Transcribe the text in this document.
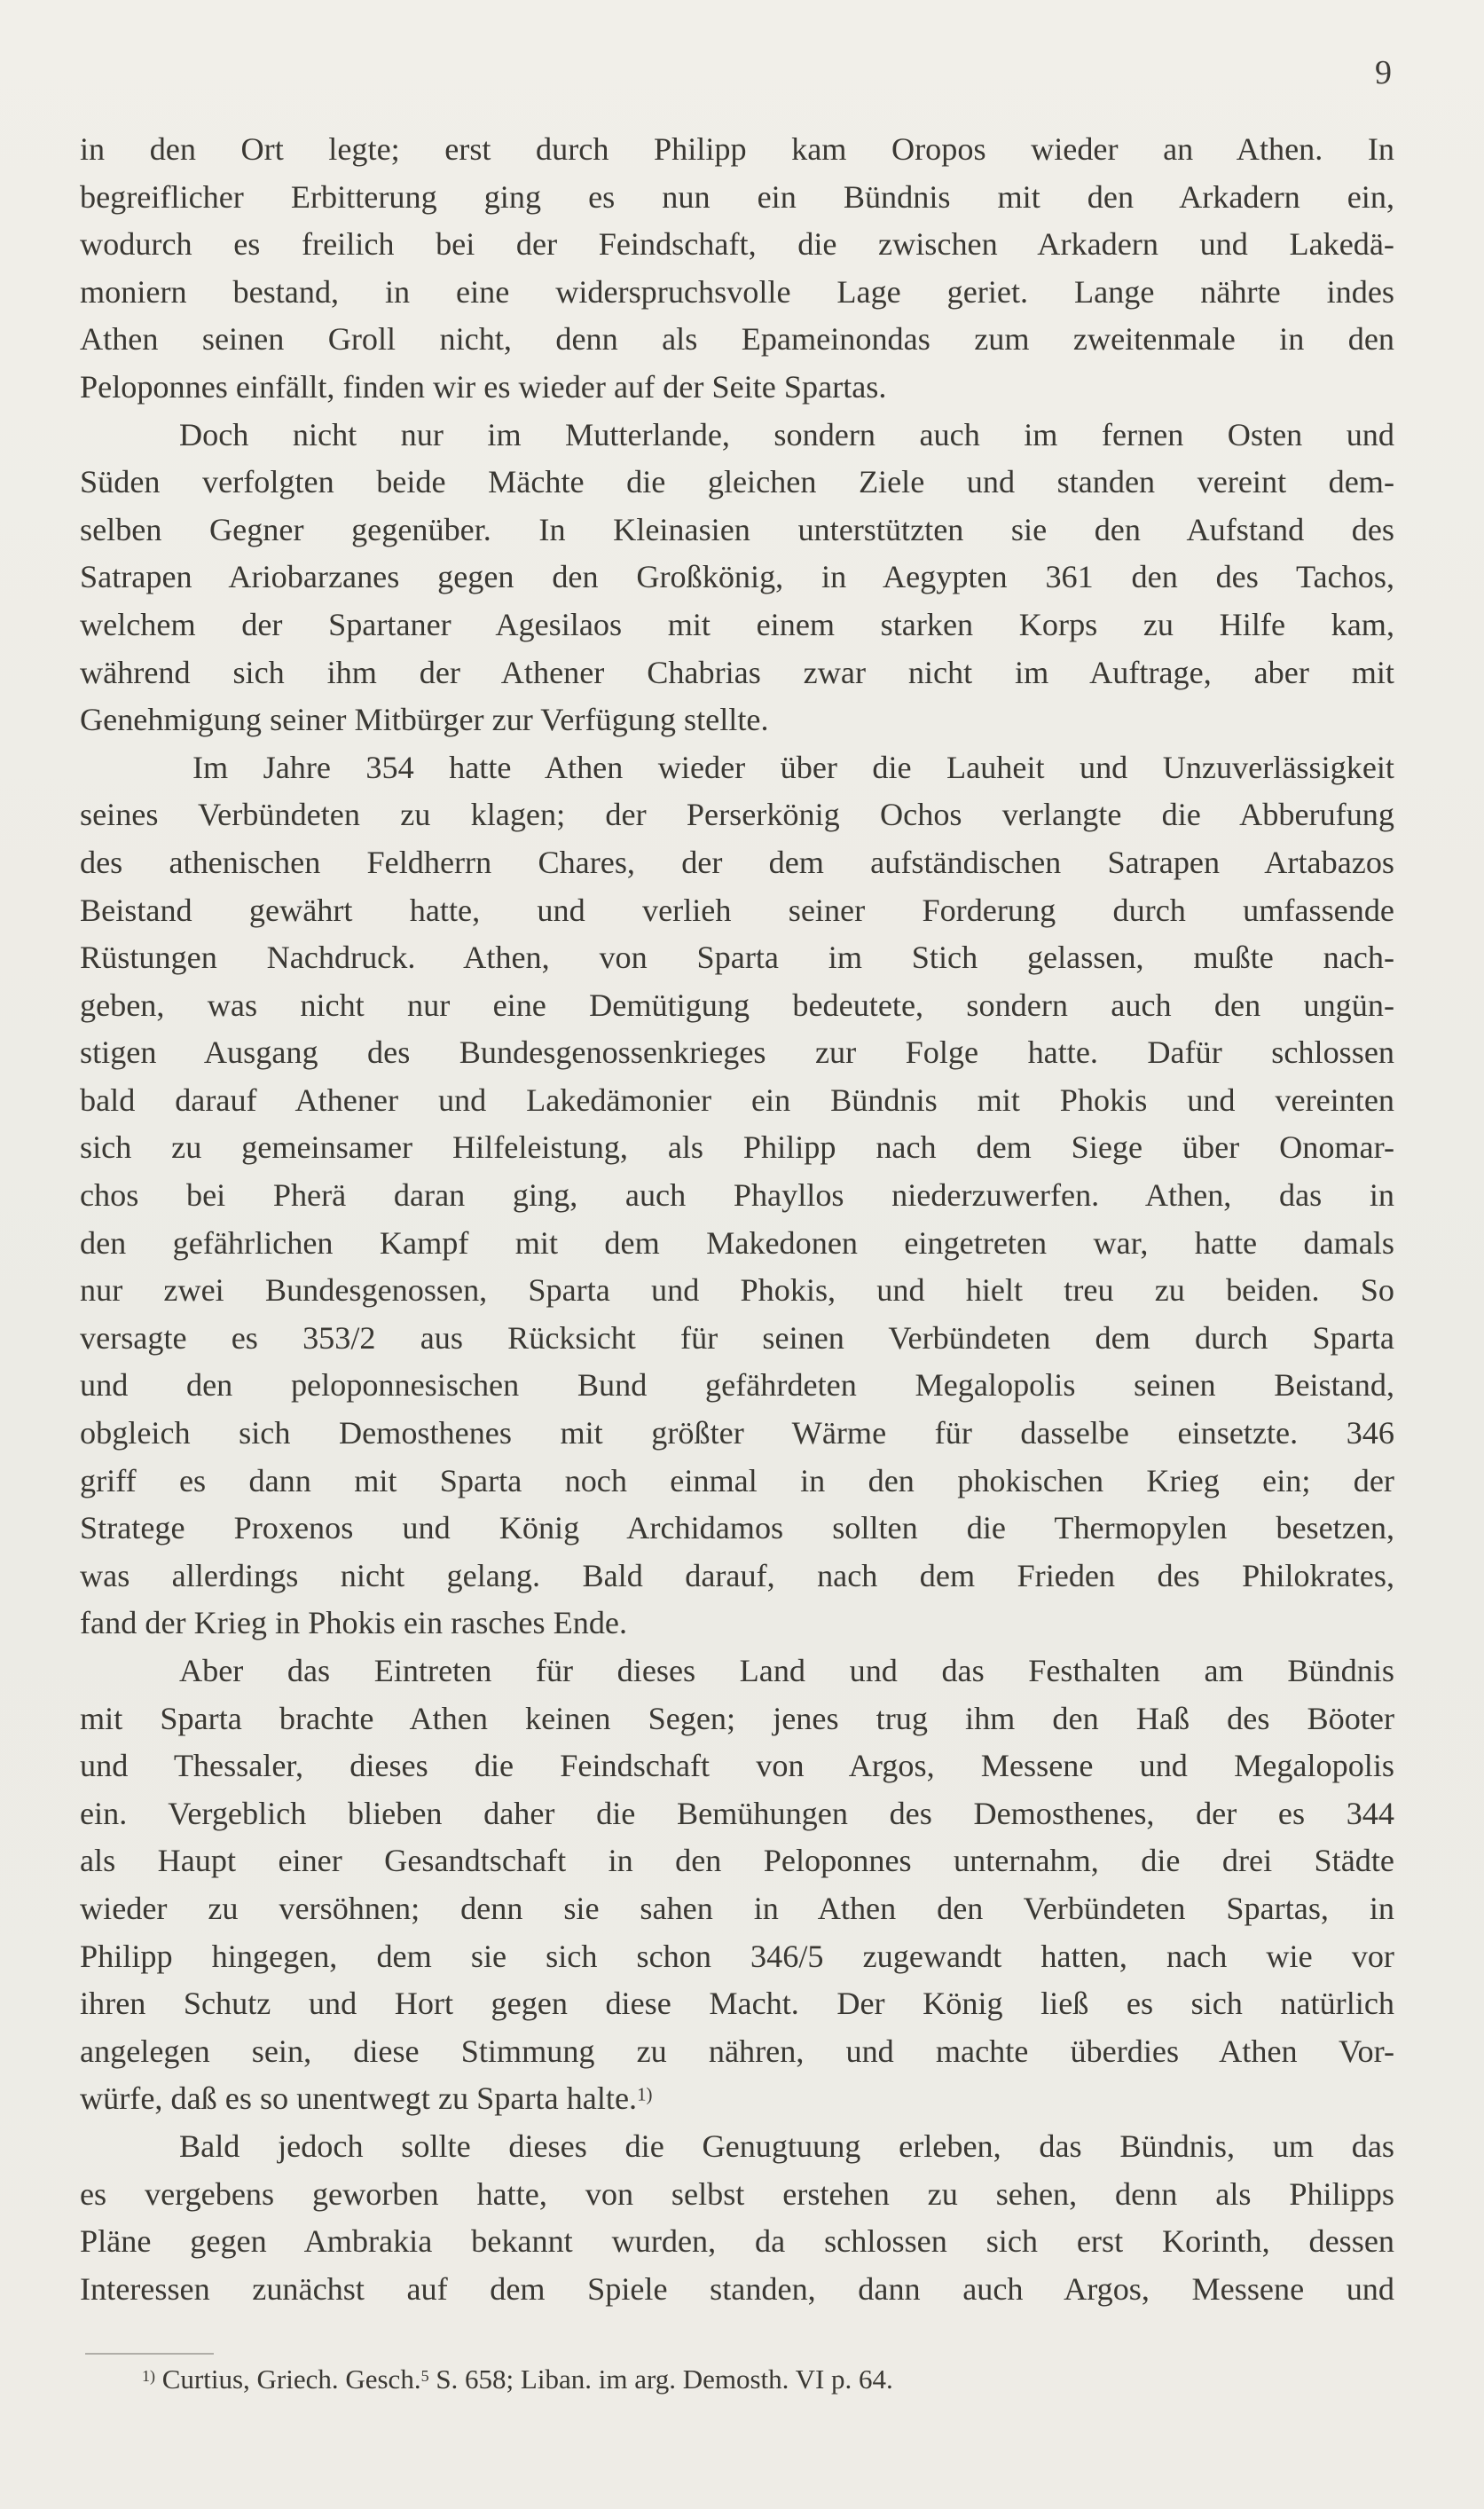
9
in den Ort legte; erst durch Philipp kam Oropos wieder an Athen. In
begreiflicher Erbitterung ging es nun ein Bündnis mit den Arkadern ein,
wodurch es freilich bei der Feindschaft, die zwischen Arkadern und Lakedä-
moniern bestand, in eine widerspruchsvolle Lage geriet. Lange nährte indes
Athen seinen Groll nicht, denn als Epameinondas zum zweitenmale in den
Peloponnes einfällt, finden wir es wieder auf der Seite Spartas.
Doch nicht nur im Mutterlande, sondern auch im fernen Osten und
Süden verfolgten beide Mächte die gleichen Ziele und standen vereint dem-
selben Gegner gegenüber. In Kleinasien unterstützten sie den Aufstand des
Satrapen Ariobarzanes gegen den Großkönig, in Aegypten 361 den des Tachos,
welchem der Spartaner Agesilaos mit einem starken Korps zu Hilfe kam,
während sich ihm der Athener Chabrias zwar nicht im Auftrage, aber mit
Genehmigung seiner Mitbürger zur Verfügung stellte.
Im Jahre 354 hatte Athen wieder über die Lauheit und Unzuverlässigkeit
seines Verbündeten zu klagen; der Perserkönig Ochos verlangte die Abberufung
des athenischen Feldherrn Chares, der dem aufständischen Satrapen Artabazos
Beistand gewährt hatte, und verlieh seiner Forderung durch umfassende
Rüstungen Nachdruck. Athen, von Sparta im Stich gelassen, mußte nach-
geben, was nicht nur eine Demütigung bedeutete, sondern auch den ungün-
stigen Ausgang des Bundesgenossenkrieges zur Folge hatte. Dafür schlossen
bald darauf Athener und Lakedämonier ein Bündnis mit Phokis und vereinten
sich zu gemeinsamer Hilfeleistung, als Philipp nach dem Siege über Onomar-
chos bei Pherä daran ging, auch Phayllos niederzuwerfen. Athen, das in
den gefährlichen Kampf mit dem Makedonen eingetreten war, hatte damals
nur zwei Bundesgenossen, Sparta und Phokis, und hielt treu zu beiden. So
versagte es 353/2 aus Rücksicht für seinen Verbündeten dem durch Sparta
und den peloponnesischen Bund gefährdeten Megalopolis seinen Beistand,
obgleich sich Demosthenes mit größter Wärme für dasselbe einsetzte. 346
griff es dann mit Sparta noch einmal in den phokischen Krieg ein; der
Stratege Proxenos und König Archidamos sollten die Thermopylen besetzen,
was allerdings nicht gelang. Bald darauf, nach dem Frieden des Philokrates,
fand der Krieg in Phokis ein rasches Ende.
Aber das Eintreten für dieses Land und das Festhalten am Bündnis
mit Sparta brachte Athen keinen Segen; jenes trug ihm den Haß des Böoter
und Thessaler, dieses die Feindschaft von Argos, Messene und Megalopolis
ein. Vergeblich blieben daher die Bemühungen des Demosthenes, der es 344
als Haupt einer Gesandtschaft in den Peloponnes unternahm, die drei Städte
wieder zu versöhnen; denn sie sahen in Athen den Verbündeten Spartas, in
Philipp hingegen, dem sie sich schon 346/5 zugewandt hatten, nach wie vor
ihren Schutz und Hort gegen diese Macht. Der König ließ es sich natürlich
angelegen sein, diese Stimmung zu nähren, und machte überdies Athen Vor-
würfe, daß es so unentwegt zu Sparta halte.$^{1)}$
Bald jedoch sollte dieses die Genugtuung erleben, das Bündnis, um das
es vergebens geworben hatte, von selbst erstehen zu sehen, denn als Philipps
Pläne gegen Ambrakia bekannt wurden, da schlossen sich erst Korinth, dessen
Interessen zunächst auf dem Spiele standen, dann auch Argos, Messene und
$^{1)}$ Curtius, Griech. Gesch.$^5$ S. 658; Liban. im arg. Demosth. VI p. 64.
